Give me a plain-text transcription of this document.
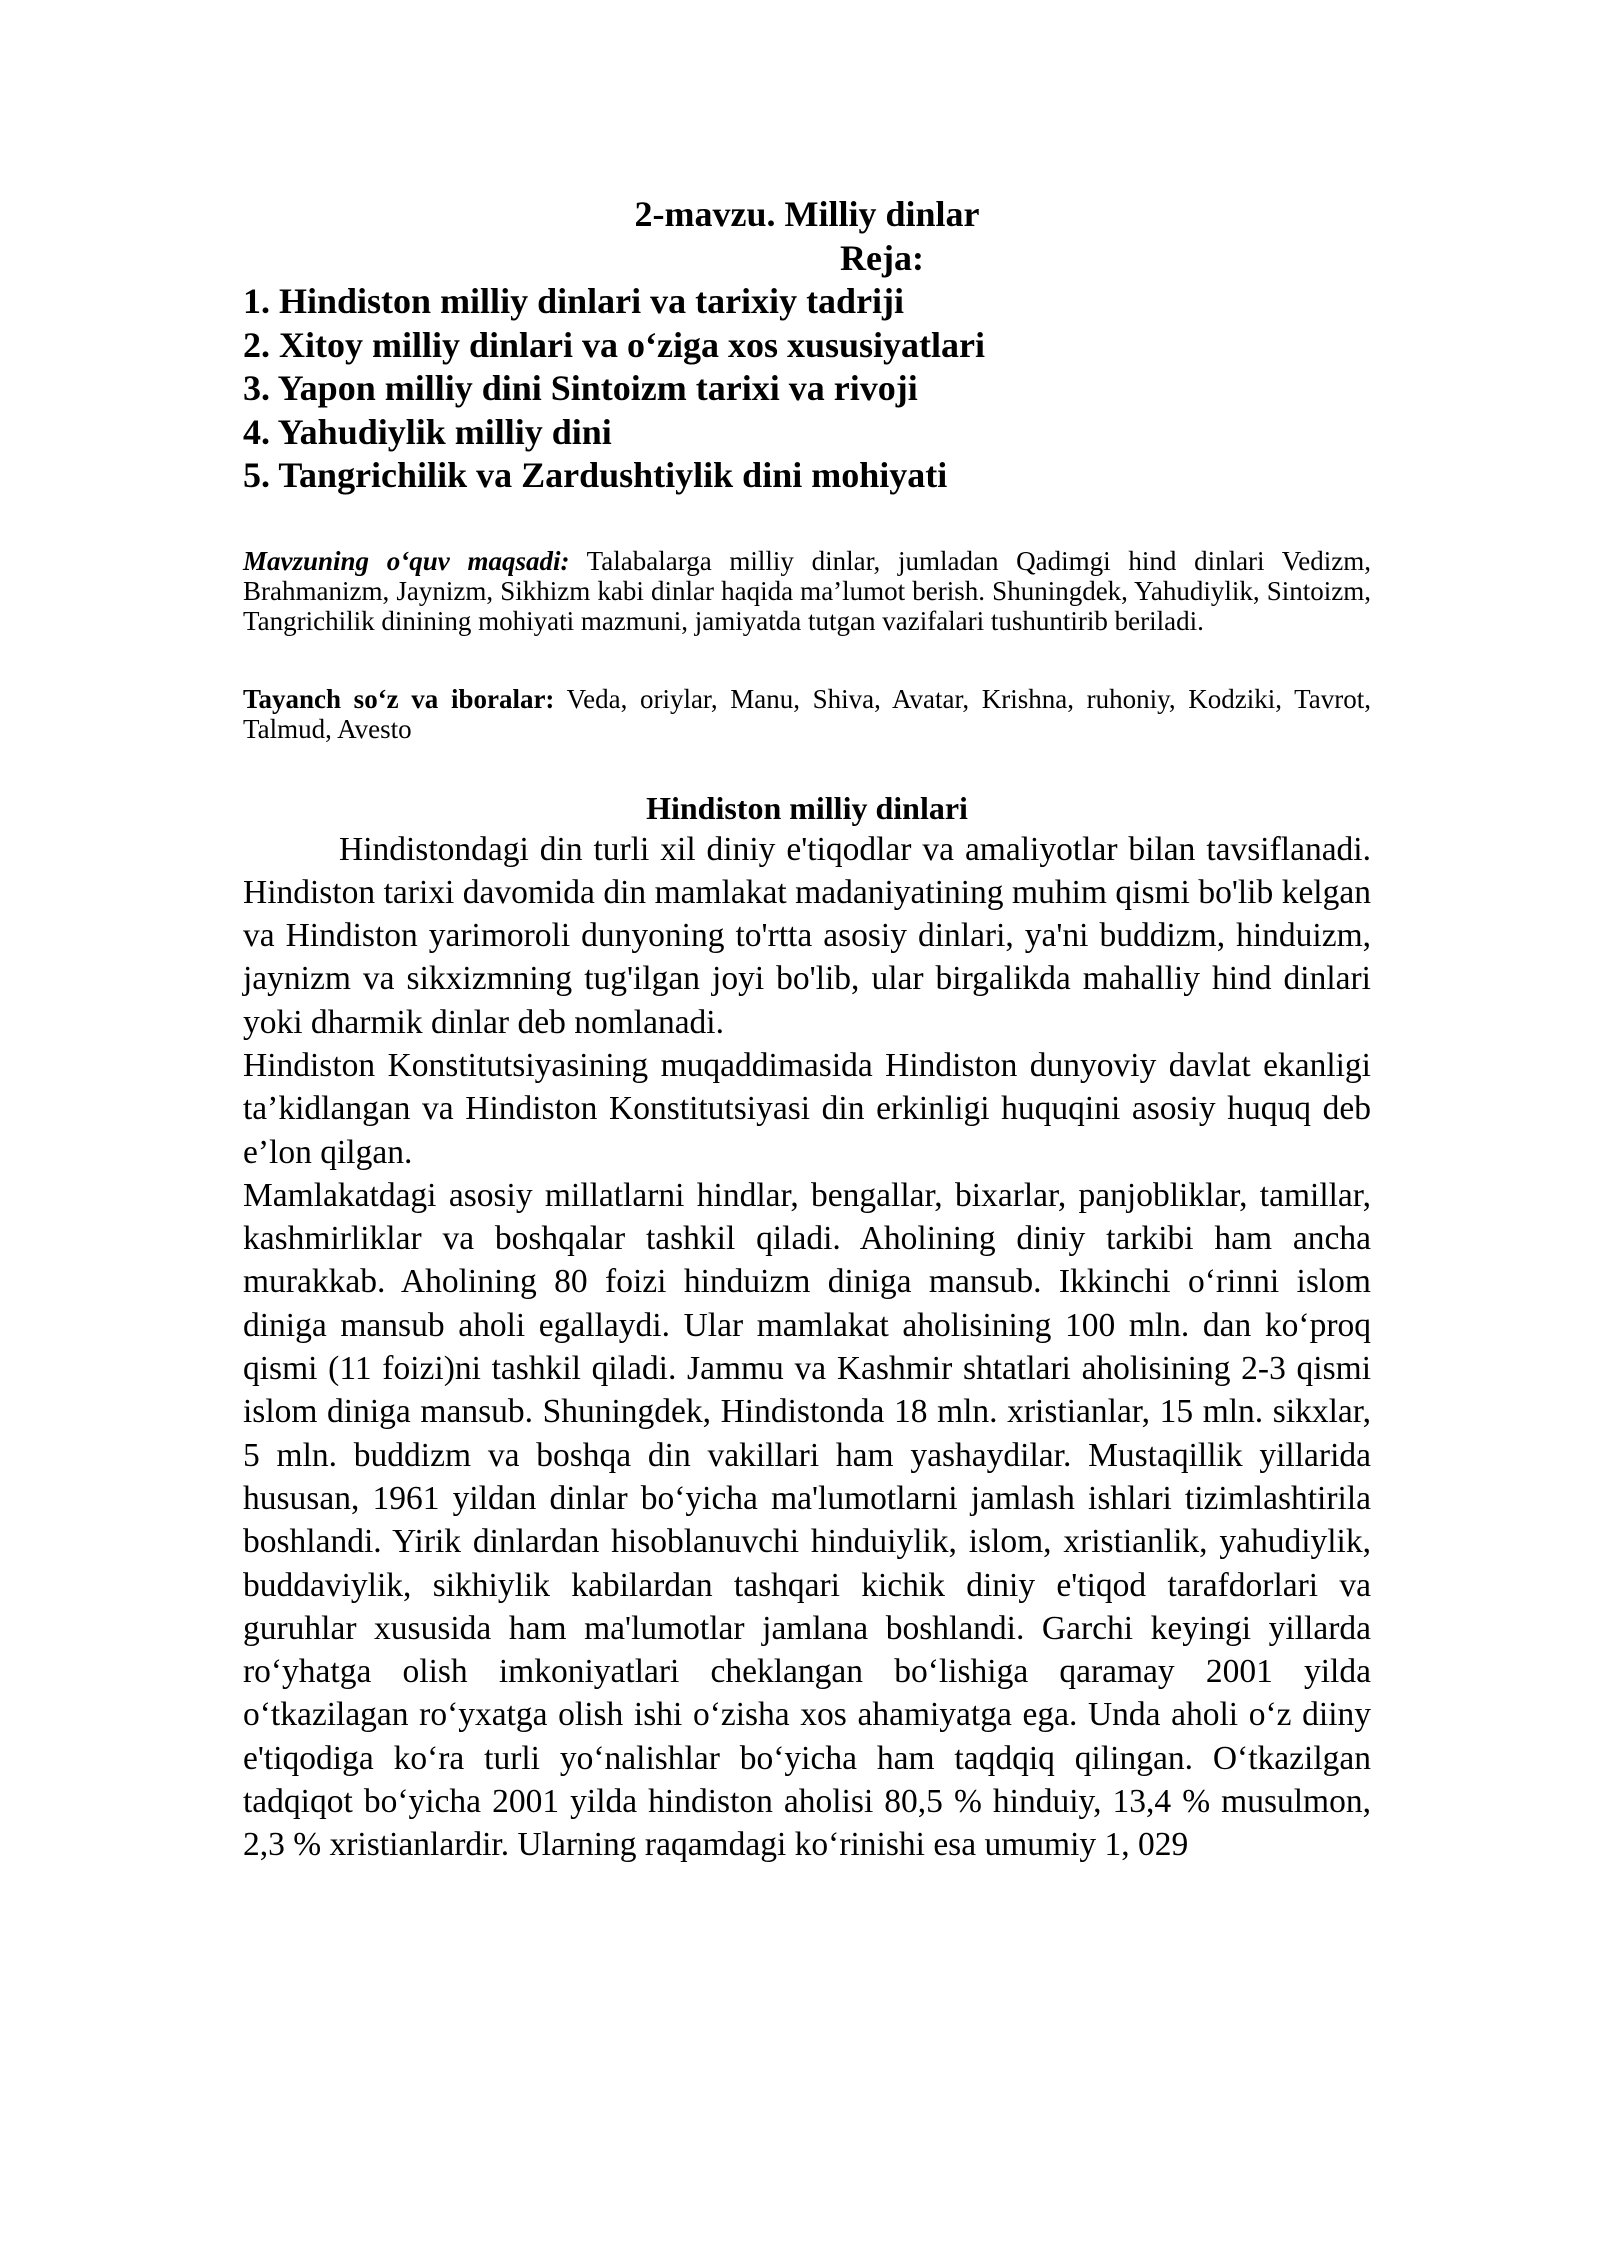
2-mavzu. Milliy dinlar
Reja:
1. Hindiston milliy dinlari va tarixiy tadriji
2. Xitoy milliy dinlari va o‘ziga xos xususiyatlari
3. Yapon milliy dini Sintoizm tarixi va rivoji
4. Yahudiylik milliy dini
5. Tangrichilik va Zardushtiylik dini mohiyati

Mavzuning o‘quv maqsadi: Talabalarga milliy dinlar, jumladan Qadimgi hind dinlari Vedizm, Brahmanizm, Jaynizm, Sikhizm kabi dinlar haqida ma’lumot berish. Shuningdek, Yahudiylik, Sintoizm, Tangrichilik dinining mohiyati mazmuni, jamiyatda tutgan vazifalari tushuntirib beriladi.

Tayanch so‘z va iboralar: Veda, oriylar, Manu, Shiva, Avatar, Krishna, ruhoniy, Kodziki, Tavrot, Talmud, Avesto

Hindiston milliy dinlari

Hindistondagi din turli xil diniy e'tiqodlar va amaliyotlar bilan tavsiflanadi. Hindiston tarixi davomida din mamlakat madaniyatining muhim qismi bo'lib kelgan va Hindiston yarimoroli dunyoning to'rtta asosiy dinlari, ya'ni buddizm, hinduizm, jaynizm va sikxizmning tug'ilgan joyi bo'lib, ular birgalikda mahalliy hind dinlari yoki dharmik dinlar deb nomlanadi.

Hindiston Konstitutsiyasining muqaddimasida Hindiston dunyoviy davlat ekanligi ta’kidlangan va Hindiston Konstitutsiyasi din erkinligi huquqini asosiy huquq deb e’lon qilgan.

Mamlakatdagi asosiy millatlarni hindlar, bengallar, bixarlar, panjobliklar, tamillar, kashmirliklar va boshqalar tashkil qiladi. Aholining diniy tarkibi ham ancha murakkab. Aholining 80 foizi hinduizm diniga mansub. Ikkinchi o‘rinni islom diniga mansub aholi egallaydi. Ular mamlakat aholisining 100 mln. dan ko‘proq qismi (11 foizi)ni tashkil qiladi. Jammu va Kashmir shtatlari aholisining 2-3 qismi islom diniga mansub. Shuningdek, Hindistonda 18 mln. xristianlar, 15 mln. sikxlar, 5 mln. buddizm va boshqa din vakillari ham yashaydilar. Mustaqillik yillarida hususan, 1961 yildan dinlar bo‘yicha ma'lumotlarni jamlash ishlari tizimlashtirila boshlandi. Yirik dinlardan hisoblanuvchi hinduiylik, islom, xristianlik, yahudiylik, buddaviylik, sikhiylik kabilardan tashqari kichik diniy e'tiqod tarafdorlari va guruhlar xususida ham ma'lumotlar jamlana boshlandi. Garchi keyingi yillarda ro‘yhatga olish imkoniyatlari cheklangan bo‘lishiga qaramay 2001 yilda o‘tkazilagan ro‘yxatga olish ishi o‘zisha xos ahamiyatga ega. Unda aholi o‘z diiny e'tiqodiga ko‘ra turli yo‘nalishlar bo‘yicha ham taqdqiq qilingan. O‘tkazilgan tadqiqot bo‘yicha 2001 yilda hindiston aholisi 80,5 % hinduiy, 13,4 % musulmon, 2,3 % xristianlardir. Ularning raqamdagi ko‘rinishi esa umumiy 1, 029
